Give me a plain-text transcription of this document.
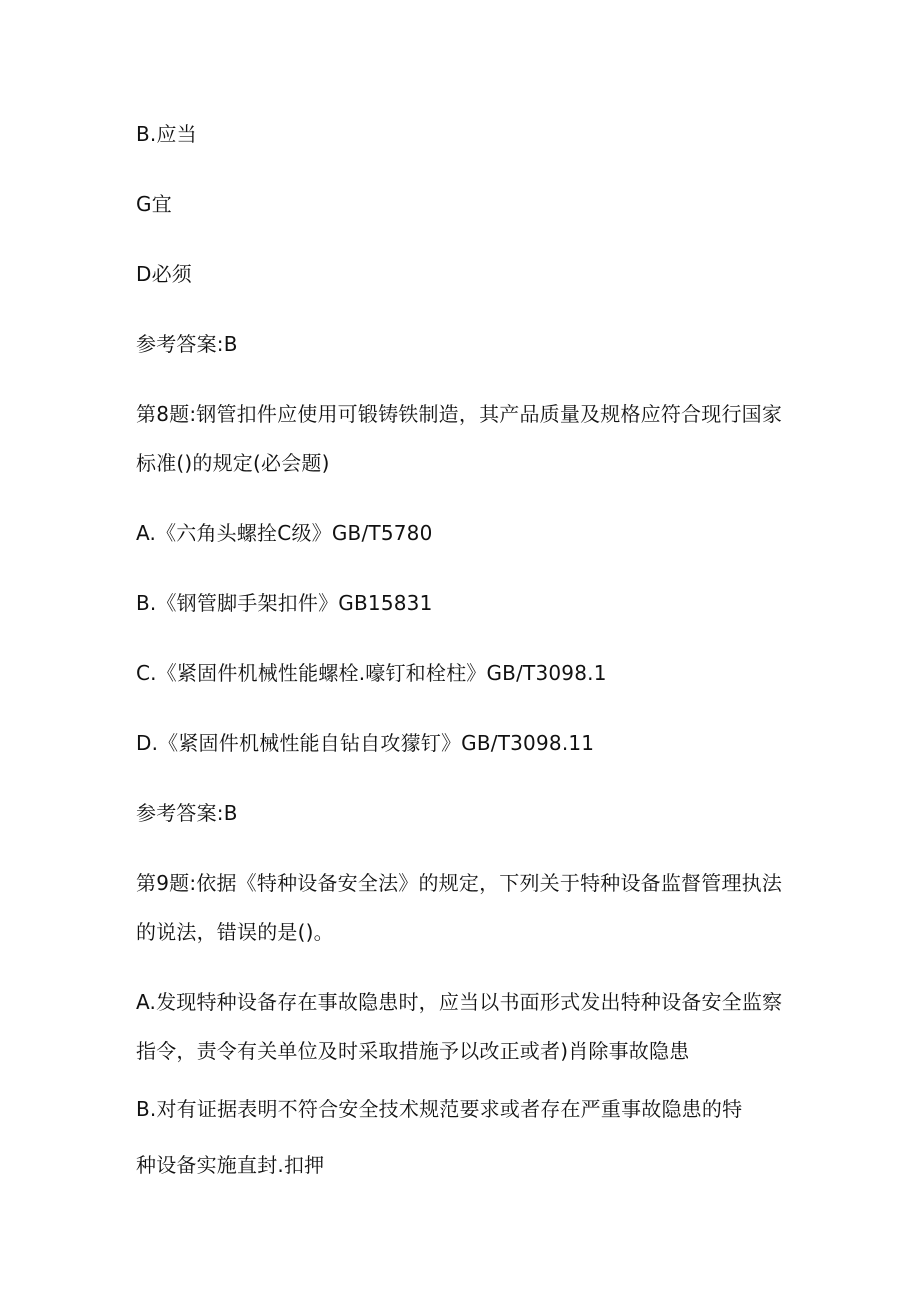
B.应当
G宜
D必须
参考答案:B
第8题:钢管扣件应使用可锻铸铁制造，其产品质量及规格应符合现行国家
标准()的规定(必会题)
A.《六角头螺拴C级》GB/T5780
B.《钢管脚手架扣件》GB15831
C.《紧固件机械性能螺栓.嚎钉和栓柱》GB/T3098.1
D.《紧固件机械性能自钻自攻獴钉》GB/T3098.11
参考答案:B
第9题:依据《特种设备安全法》的规定，下列关于特种设备监督管理执法
的说法，错误的是()。
A.发现特种设备存在事故隐患时，应当以书面形式发出特种设备安全监察
指令，责令有关单位及时采取措施予以改正或者)肖除事故隐患
B.对有证据表明不符合安全技术规范要求或者存在严重事故隐患的特
种设备实施直封.扣押
